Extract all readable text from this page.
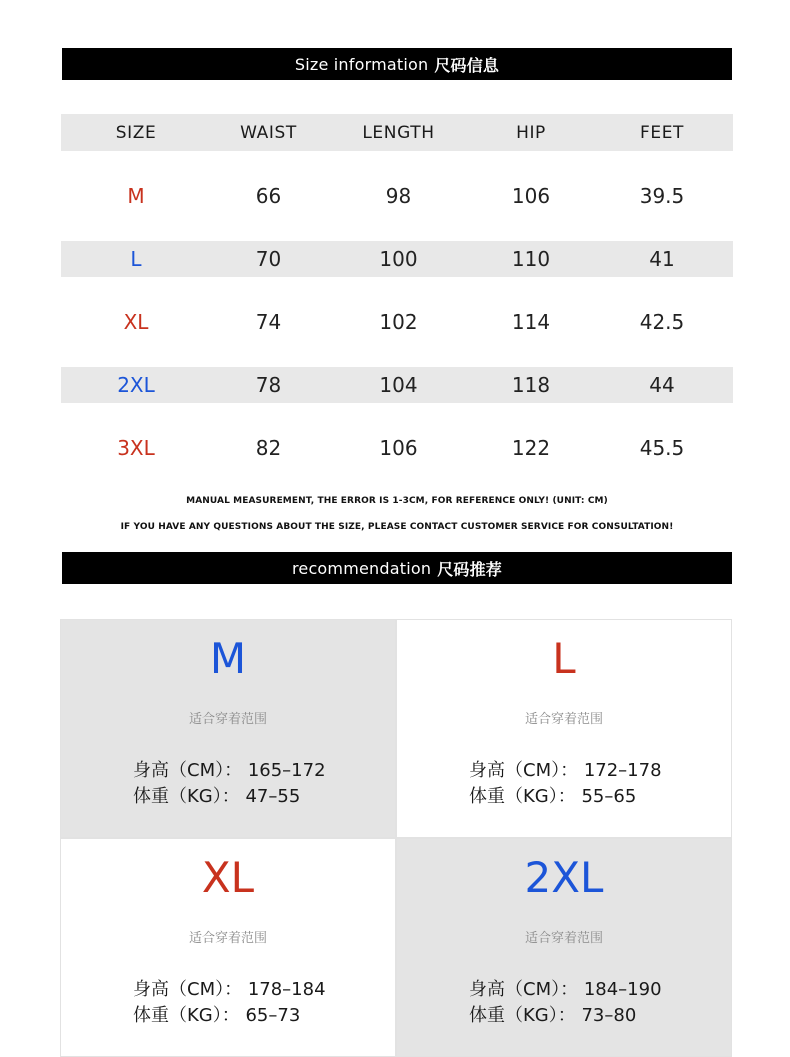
Size information 尺码信息
SIZE	WAIST	LENGTH	HIP	FEET
M	66	98	106	39.5
L	70	100	110	41
XL	74	102	114	42.5
2XL	78	104	118	44
3XL	82	106	122	45.5
MANUAL MEASUREMENT, THE ERROR IS 1-3CM, FOR REFERENCE ONLY! (UNIT: CM)
IF YOU HAVE ANY QUESTIONS ABOUT THE SIZE, PLEASE CONTACT CUSTOMER SERVICE FOR CONSULTATION!
recommendation 尺码推荐
M
适合穿着范围
身高（CM）： 165–172
体重（KG）： 47–55
L
适合穿着范围
身高（CM）： 172–178
体重（KG）： 55–65
XL
适合穿着范围
身高（CM）： 178–184
体重（KG）： 65–73
2XL
适合穿着范围
身高（CM）： 184–190
体重（KG）： 73–80
